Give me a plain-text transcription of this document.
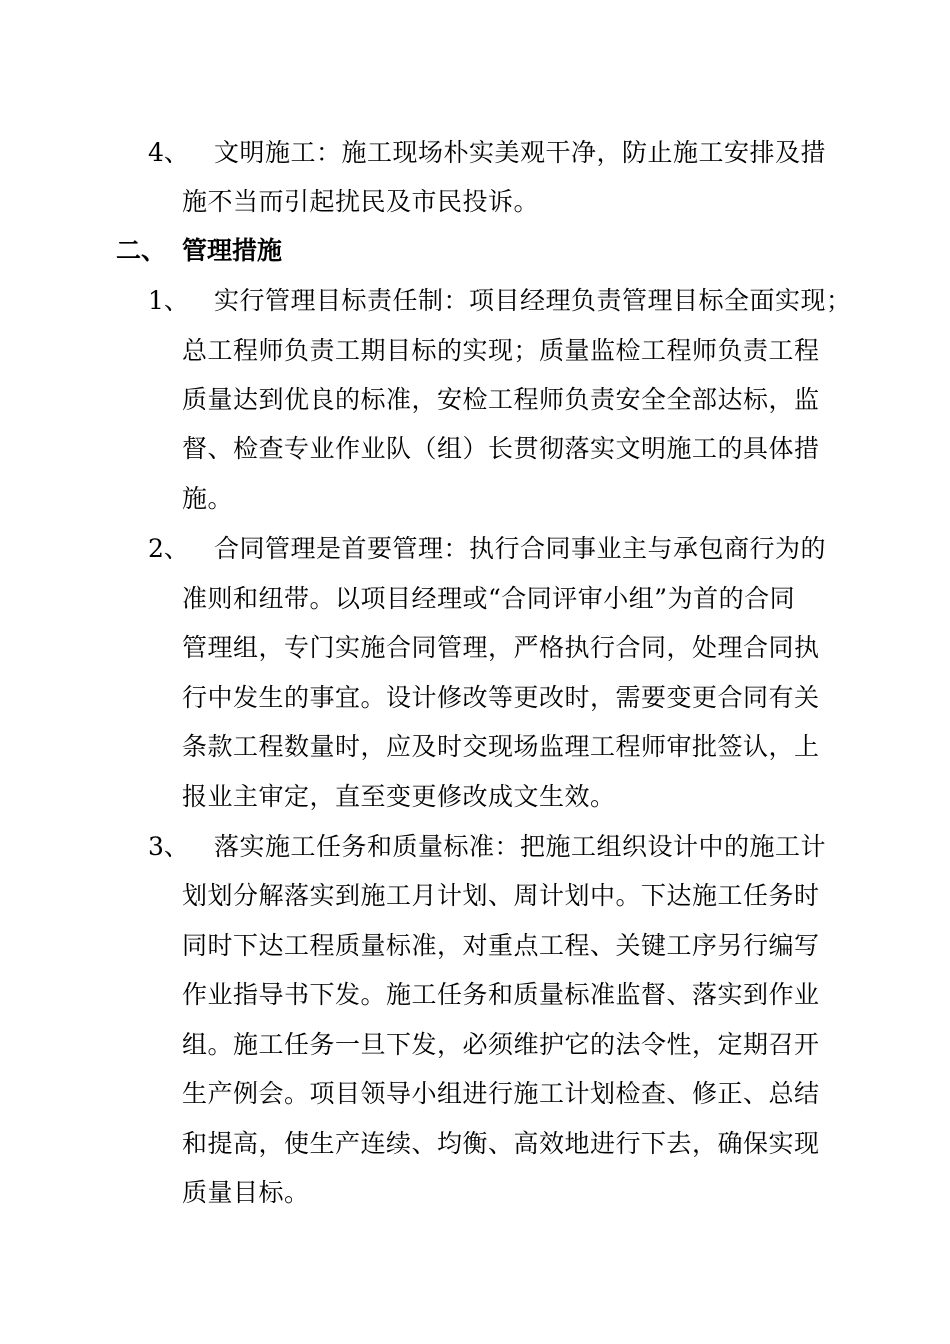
4、 文明施工：施工现场朴实美观干净，防止施工安排及措
施不当而引起扰民及市民投诉。
二、 管理措施
1、 实行管理目标责任制：项目经理负责管理目标全面实现；
总工程师负责工期目标的实现；质量监检工程师负责工程
质量达到优良的标准，安检工程师负责安全全部达标，监
督、检查专业作业队（组）长贯彻落实文明施工的具体措
施。
2、 合同管理是首要管理：执行合同事业主与承包商行为的
准则和纽带。以项目经理或“合同评审小组”为首的合同
管理组，专门实施合同管理，严格执行合同，处理合同执
行中发生的事宜。设计修改等更改时，需要变更合同有关
条款工程数量时，应及时交现场监理工程师审批签认，上
报业主审定，直至变更修改成文生效。
3、 落实施工任务和质量标准：把施工组织设计中的施工计
划划分解落实到施工月计划、周计划中。下达施工任务时
同时下达工程质量标准，对重点工程、关键工序另行编写
作业指导书下发。施工任务和质量标准监督、落实到作业
组。施工任务一旦下发，必须维护它的法令性，定期召开
生产例会。项目领导小组进行施工计划检查、修正、总结
和提高，使生产连续、均衡、高效地进行下去，确保实现
质量目标。
